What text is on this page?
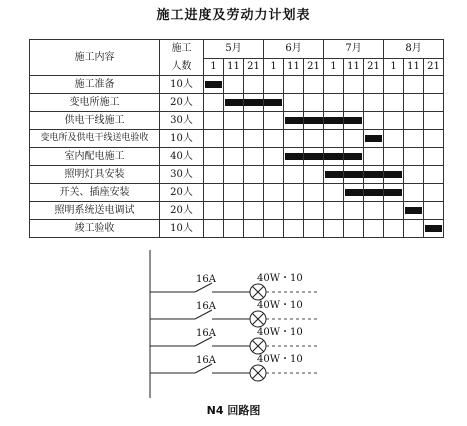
施工进度及劳动力计划表
施工内容	施工	5月			6月			7月			8月		
	人数	1	11	21	1	11	21	1	11	21	1	11	21
施工准备	10人	

变电所施工	20人		

供电干线施工	30人					

变电所及供电干线送电验收	10人									

室内配电施工	40人					

照明灯具安装	30人							

开关、插座安装	20人								

照明系统送电调试	20人											

竣工验收	10人												
16A	40W・10
16A	40W・10
16A	40W・10
16A	40W・10
N4 回路图
